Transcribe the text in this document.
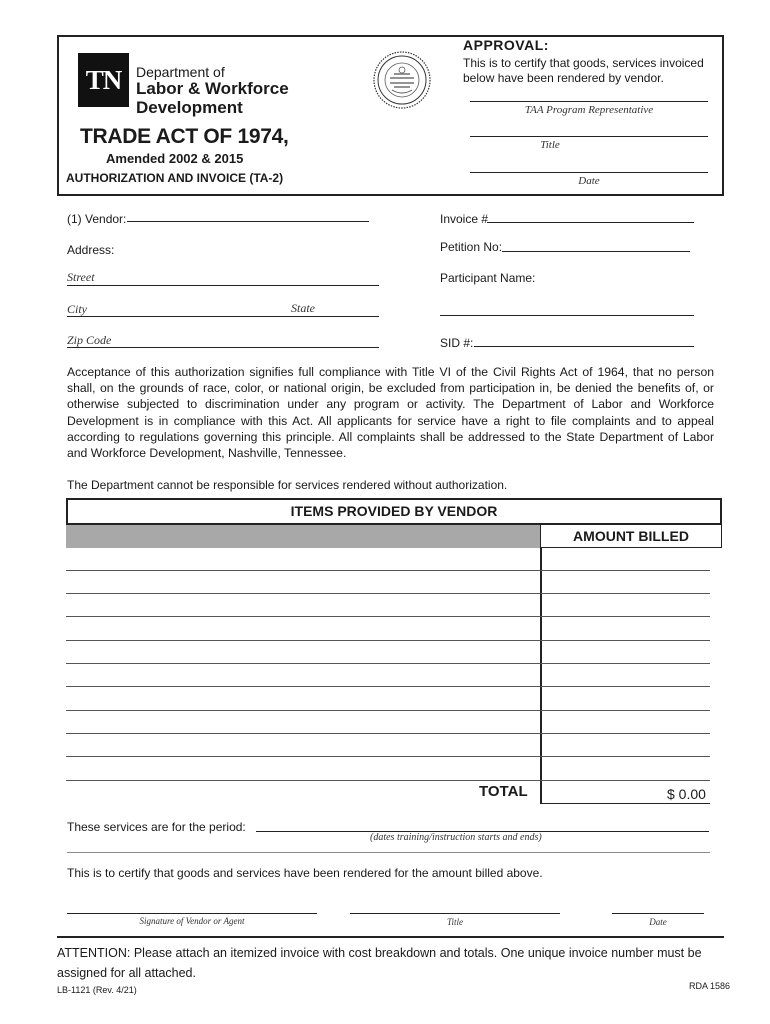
TN Department of
Labor & Workforce
Development
TRADE ACT OF 1974,
Amended 2002 & 2015
AUTHORIZATION AND INVOICE (TA-2)
APPROVAL:
This is to certify that goods, services invoiced below have been rendered by vendor.
TAA Program Representative
Title
Date
(1) Vendor:
Address:
Street
City	State
Zip Code
Invoice #
Petition No:
Participant Name:
SID #:
Acceptance of this authorization signifies full compliance with Title VI of the Civil Rights Act of 1964, that no person shall, on the grounds of race, color, or national origin, be excluded from participation in, be denied the benefits of, or otherwise subjected to discrimination under any program or activity. The Department of Labor and Workforce Development is in compliance with this Act. All applicants for service have a right to file complaints and to appeal according to regulations governing this principle. All complaints shall be addressed to the State Department of Labor and Workforce Development, Nashville, Tennessee.
The Department cannot be responsible for services rendered without authorization.
ITEMS PROVIDED BY VENDOR
AMOUNT BILLED
TOTAL	$ 0.00
These services are for the period:
(dates training/instruction starts and ends)
This is to certify that goods and services have been rendered for the amount billed above.
Signature of Vendor or Agent	Title	Date
ATTENTION: Please attach an itemized invoice with cost breakdown and totals. One unique invoice number must be assigned for all attached.
LB-1121 (Rev. 4/21)	RDA 1586
